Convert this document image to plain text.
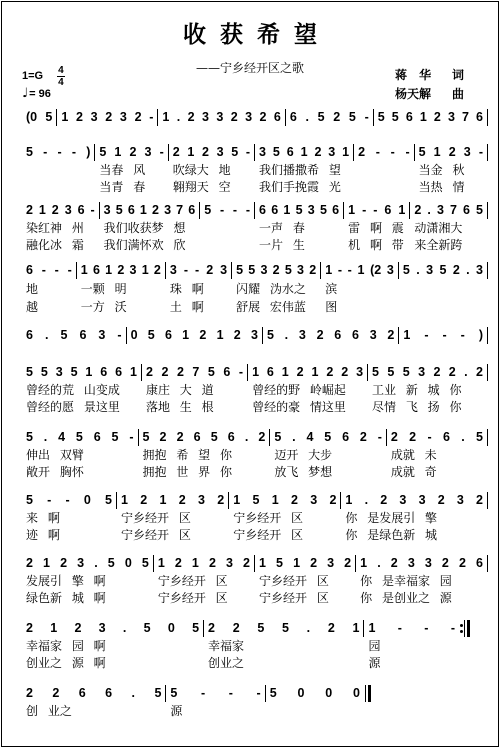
收获希望
——宁乡经开区之歌
1=G 4
4
♩= 96
蒋 华 词
杨天解 曲
(0 5 1 2 3 2 3 2 - 1 . 2 3 3 2 3 2 6 6 . 5 2 5 - 5 5 6 1 2 3 7 6
5 - - - ) 5 1 2 3 - 2 1 2 3 5 - 3 5 6 1 2 3 1 2 - - - 5 1 2 3 -
当春 风	吹绿大 地	我们播撒希 望	当金 秋
当青 春	翱翔天 空	我们手挽霞 光	当热 情
2 1 2 3 6 - 3 5 6 1 2 3 7 6 5 - - - 6 6 1 5 3 5 6 1 - - 6 1 2 . 3 7 6 5
染红神 州	我们收获梦 想	一声 春	雷 啊 震 动潇湘大
融化冰 霜	我们满怀欢 欣	一片 生	机 啊 带 来全新跨
6 - - - 1 6 1 2 3 1 2 3 - - 2 3 5 5 3 2 5 3 2 1 - - 1 (2 3 5 . 3 5 2 . 3
地	一颗 明	珠 啊	闪耀 沩水之	滨
越	一方 沃	土 啊	舒展 宏伟蓝	图
6 . 5 6 3 - 0 5 6 1 2 1 2 3 5 . 3 2 6 6 3 2 1 - - - )
5 5 3 5 1 6 6 1 2 2 2 7 5 6 - 1 6 1 2 1 2 2 3 5 5 5 3 2 2 . 2
曾经的荒 山变成	康庄 大 道	曾经的野 岭崛起	工业 新 城 你
曾经的愿 景这里	落地 生 根	曾经的豪 情这里	尽情 飞 扬 你
5 . 4 5 6 5 - 5 2 2 6 5 6 . 2 5 . 4 5 6 2 - 2 2 - 6 . 5
伸出 双臂	拥抱 希 望 你	迈开 大步	成就 未
敞开 胸怀	拥抱 世 界 你	放飞 梦想	成就 奇
5 - - 0 5 1 2 1 2 3 2 1 5 1 2 3 2 1 . 2 3 3 2 3 2
来 啊	宁乡经开 区	宁乡经开 区	你 是发展引 擎
迹 啊	宁乡经开 区	宁乡经开 区	你 是绿色新 城
2 1 2 3 . 5 0 5 1 2 1 2 3 2 1 5 1 2 3 2 1 . 2 3 3 2 2 6
发展引 擎 啊	宁乡经开 区	宁乡经开 区	你 是幸福家 园
绿色新 城 啊	宁乡经开 区	宁乡经开 区	你 是创业之 源
2 1 2 3 . 5 0 5 2 2 5 5 . 2 1 1 - - -
幸福家 园 啊	幸福家	园
创业之 源 啊	创业之	源
2 2 6 6 . 5 5 - - - 5 0 0 0
创 业之	源
